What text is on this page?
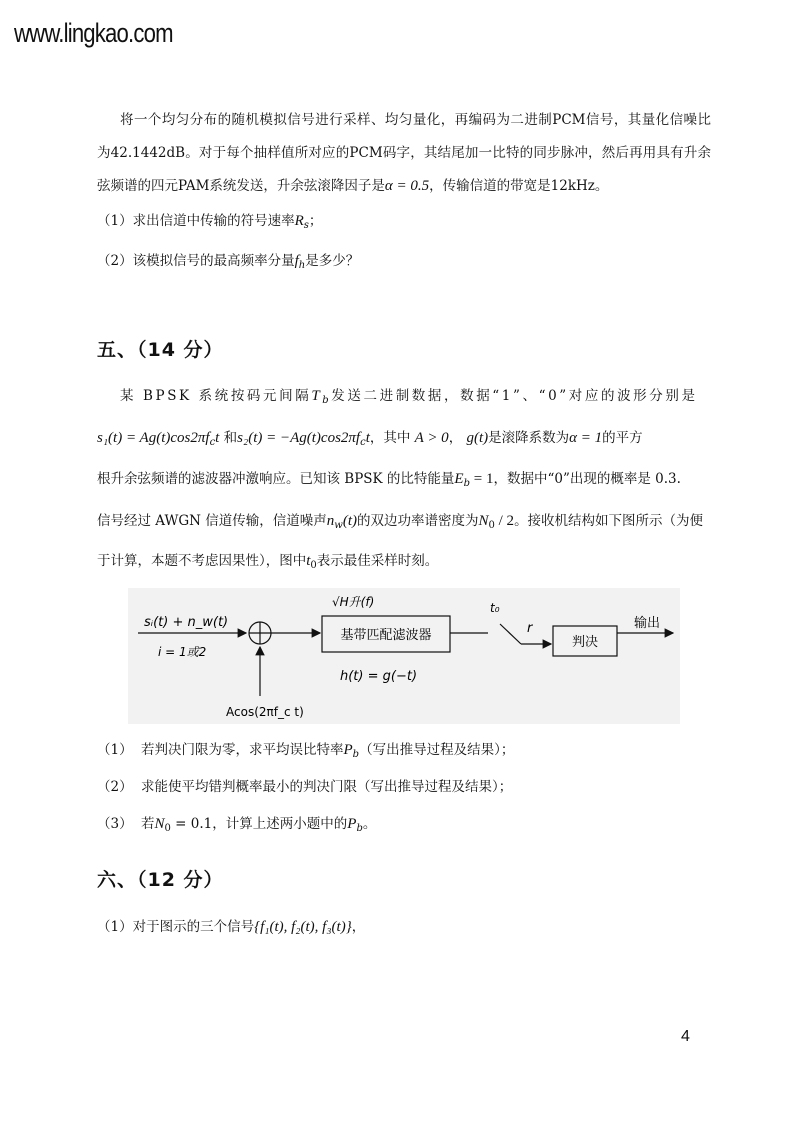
www.lingkao.com
将一个均匀分布的随机模拟信号进行采样、均匀量化，再编码为二进制PCM信号，其量化信噪比
为42.1442dB。对于每个抽样值所对应的PCM码字，其结尾加一比特的同步脉冲，然后再用具有升余
弦频谱的四元PAM系统发送，升余弦滚降因子是α = 0.5，传输信道的带宽是12kHz。
（1）求出信道中传输的符号速率$R_s$；
（2）该模拟信号的最高频率分量$f_h$是多少？
五、（14 分）
某 BPSK 系统按码元间隔$T_b$发送二进制数据，数据“1”、“0”对应的波形分别是
$s_1(t) = Ag(t)\cos 2\pi f_ct$ 和$s_2(t) = -Ag(t)\cos 2\pi f_ct$，其中 A > 0， g(t)是滚降系数为α = 1的平方
根升余弦频谱的滤波器冲激响应。已知该 BPSK 的比特能量$E_b = 1$，数据中“0”出现的概率是 0.3.
信号经过 AWGN 信道传输，信道噪声$n_w(t)$的双边功率谱密度为$N_0 / 2$。接收机结构如下图所示（为便
于计算，本题不考虑因果性），图中$t_0$表示最佳采样时刻。
sᵢ(t) + n_w(t)
i = 1或2
Acos(2πf_c t)
基带匹配滤波器
√H升(f)
h(t) = g(−t)
t₀
r
判决
输出
（1） 若判决门限为零，求平均误比特率$P_b$（写出推导过程及结果）；
（2） 求能使平均错判概率最小的判决门限（写出推导过程及结果）；
（3） 若$N_0 = 0.1$，计算上述两小题中的$P_b$。
六、（12 分）
（1）对于图示的三个信号{f₁(t), f₂(t), f₃(t)}，
4
